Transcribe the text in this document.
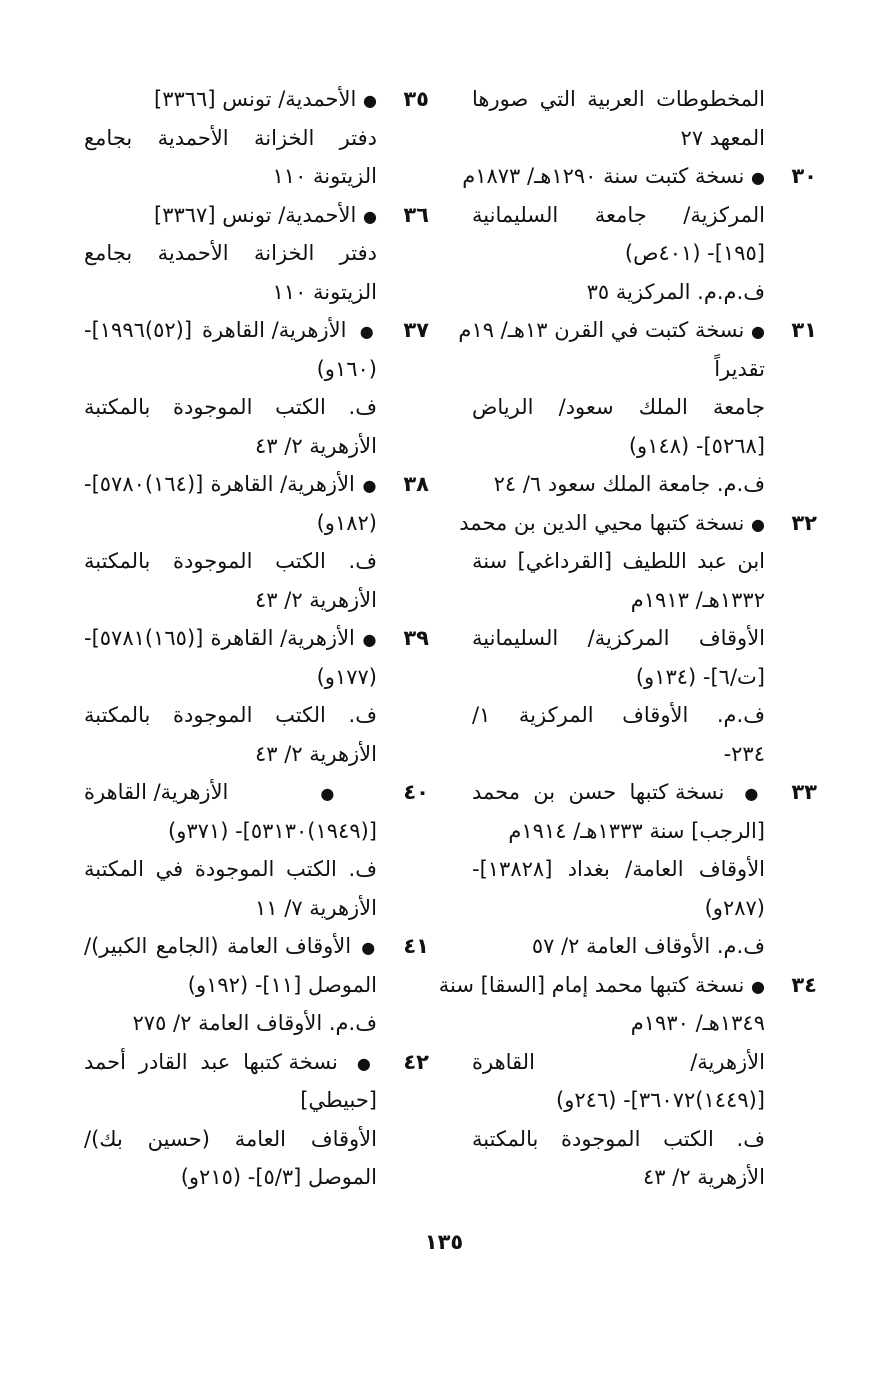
المخطوطات العربية التي صورها
المعهد ٢٧
٣٠● نسخة كتبت سنة ١٢٩٠هـ/ ١٨٧٣م
المركزية/ جامعة السليمانية
[١٩٥]- (٤٠١ص)
ف.م.م. المركزية ٣٥
٣١● نسخة كتبت في القرن ١٣هـ/ ١٩م
تقديراً
جامعة الملك سعود/ الرياض
[٥٢٦٨]- (١٤٨و)
ف.م. جامعة الملك سعود ٦/ ٢٤
٣٢● نسخة كتبها محيي الدين بن محمد
ابن عبد اللطيف [القرداغي] سنة
١٣٣٢هـ/ ١٩١٣م
الأوقاف المركزية/ السليمانية
[ت/٦]- (١٣٤و)
ف.م. الأوقاف المركزية ١/
٢٣٤-
٣٣● نسخة كتبها حسن بن محمد
[الرجب] سنة ١٣٣٣هـ/ ١٩١٤م
الأوقاف العامة/ بغداد [١٣٨٢٨]-
(٢٨٧و)
ف.م. الأوقاف العامة ٢/ ٥٧
٣٤● نسخة كتبها محمد إمام [السقا] سنة
١٣٤٩هـ/ ١٩٣٠م
الأزهرية/ القاهرة
[(١٤٤٩)٣٦٠٧٢]- (٢٤٦و)
ف. الكتب الموجودة بالمكتبة
الأزهرية ٢/ ٤٣
٣٥● الأحمدية/ تونس [٣٣٦٦]
دفتر الخزانة الأحمدية بجامع
الزيتونة ١١٠
٣٦● الأحمدية/ تونس [٣٣٦٧]
دفتر الخزانة الأحمدية بجامع
الزيتونة ١١٠
٣٧● الأزهرية/ القاهرة [(٥٢)١٩٩٦]-
(١٦٠و)
ف. الكتب الموجودة بالمكتبة
الأزهرية ٢/ ٤٣
٣٨● الأزهرية/ القاهرة [(١٦٤)٥٧٨٠]-
(١٨٢و)
ف. الكتب الموجودة بالمكتبة
الأزهرية ٢/ ٤٣
٣٩● الأزهرية/ القاهرة [(١٦٥)٥٧٨١]-
(١٧٧و)
ف. الكتب الموجودة بالمكتبة
الأزهرية ٢/ ٤٣
٤٠● الأزهرية/ القاهرة
[(١٩٤٩)٥٣١٣٠]- (٣٧١و)
ف. الكتب الموجودة في المكتبة
الأزهرية ٧/ ١١
٤١● الأوقاف العامة (الجامع الكبير)/
الموصل [١١]- (١٩٢و)
ف.م. الأوقاف العامة ٢/ ٢٧٥
٤٢● نسخة كتبها عبد القادر أحمد
[حبيطي]
الأوقاف العامة (حسين بك)/
الموصل [٥/٣]- (٢١٥و)
١٣٥
